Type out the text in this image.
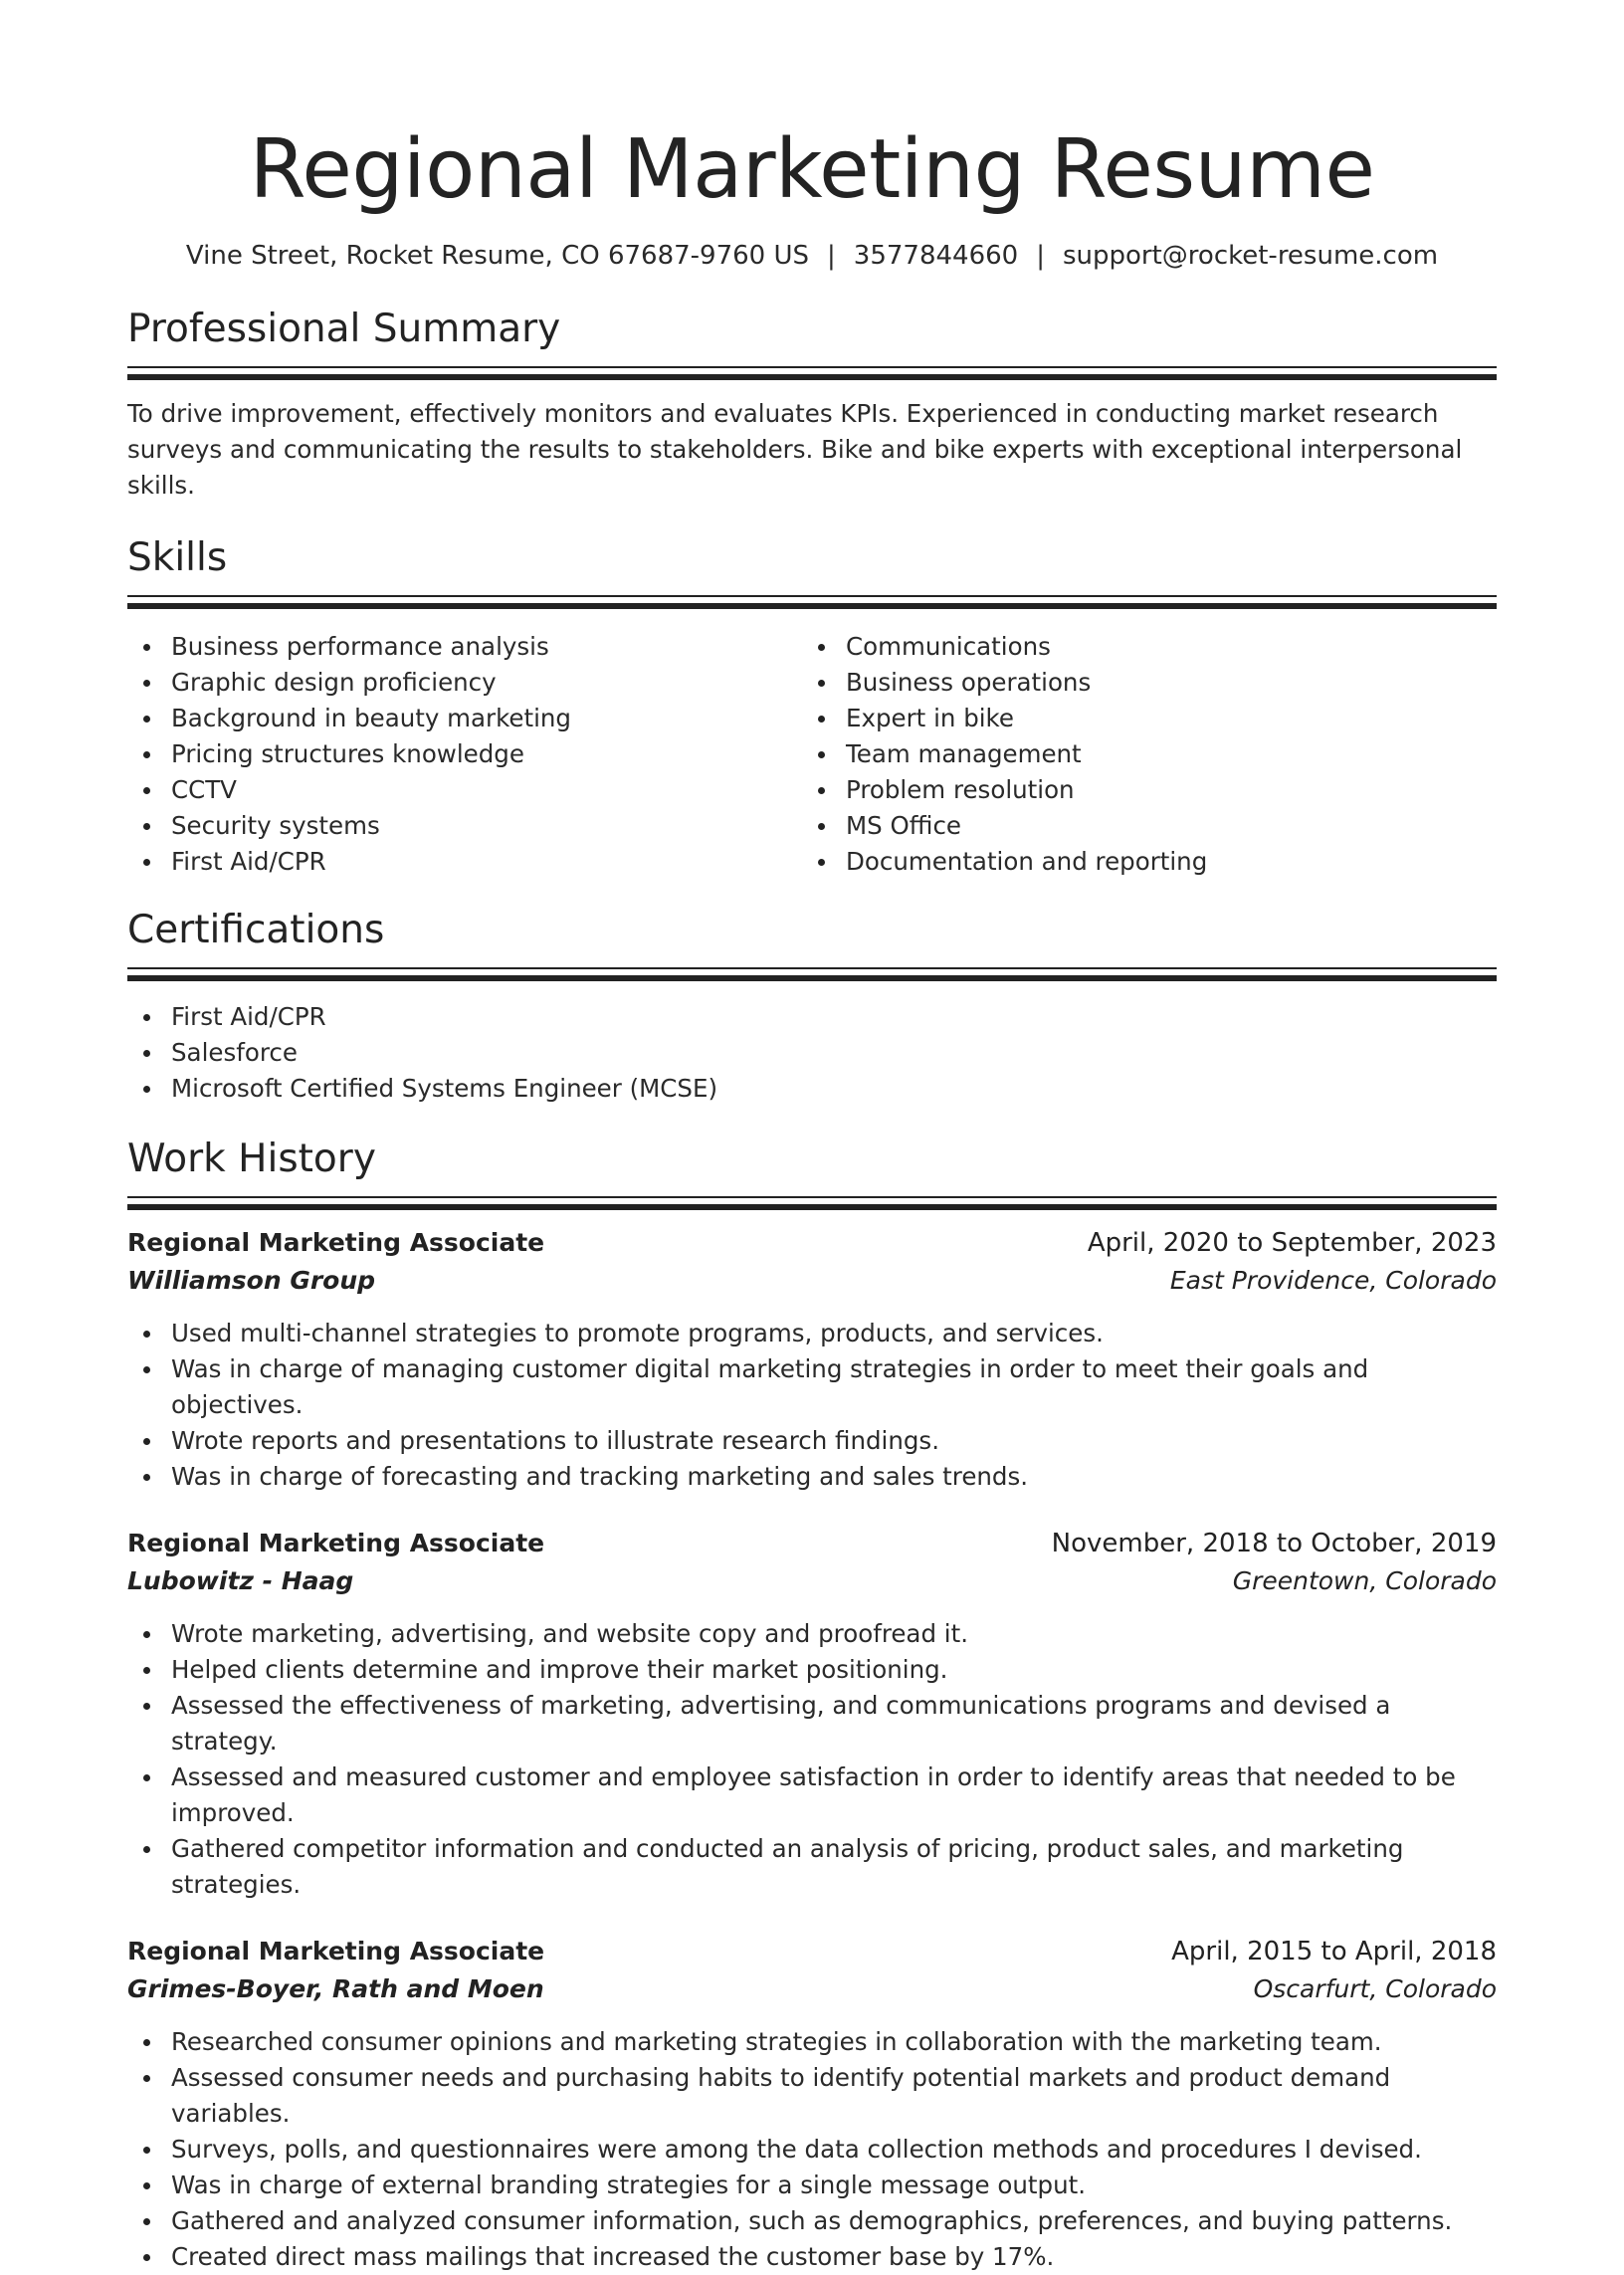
Regional Marketing Resume
Vine Street, Rocket Resume, CO 67687-9760 US | 3577844660 | support@rocket-resume.com
Professional Summary

To drive improvement, effectively monitors and evaluates KPIs. Experienced in conducting market research surveys and communicating the results to stakeholders. Bike and bike experts with exceptional interpersonal skills.

Skills
Business performance analysis
Graphic design proficiency
Background in beauty marketing
Pricing structures knowledge
CCTV
Security systems
First Aid/CPR
Communications
Business operations
Expert in bike
Team management
Problem resolution
MS Office
Documentation and reporting
Certifications
First Aid/CPR
Salesforce
Microsoft Certified Systems Engineer (MCSE)
Work History
Regional Marketing Associate	April, 2020 to September, 2023
Williamson Group	East Providence, Colorado
Used multi-channel strategies to promote programs, products, and services.
Was in charge of managing customer digital marketing strategies in order to meet their goals and objectives.
Wrote reports and presentations to illustrate research findings.
Was in charge of forecasting and tracking marketing and sales trends.
Regional Marketing Associate	November, 2018 to October, 2019
Lubowitz - Haag	Greentown, Colorado
Wrote marketing, advertising, and website copy and proofread it.
Helped clients determine and improve their market positioning.
Assessed the effectiveness of marketing, advertising, and communications programs and devised a strategy.
Assessed and measured customer and employee satisfaction in order to identify areas that needed to be improved.
Gathered competitor information and conducted an analysis of pricing, product sales, and marketing strategies.
Regional Marketing Associate	April, 2015 to April, 2018
Grimes-Boyer, Rath and Moen	Oscarfurt, Colorado
Researched consumer opinions and marketing strategies in collaboration with the marketing team.
Assessed consumer needs and purchasing habits to identify potential markets and product demand variables.
Surveys, polls, and questionnaires were among the data collection methods and procedures I devised.
Was in charge of external branding strategies for a single message output.
Gathered and analyzed consumer information, such as demographics, preferences, and buying patterns.
Created direct mass mailings that increased the customer base by 17%.
